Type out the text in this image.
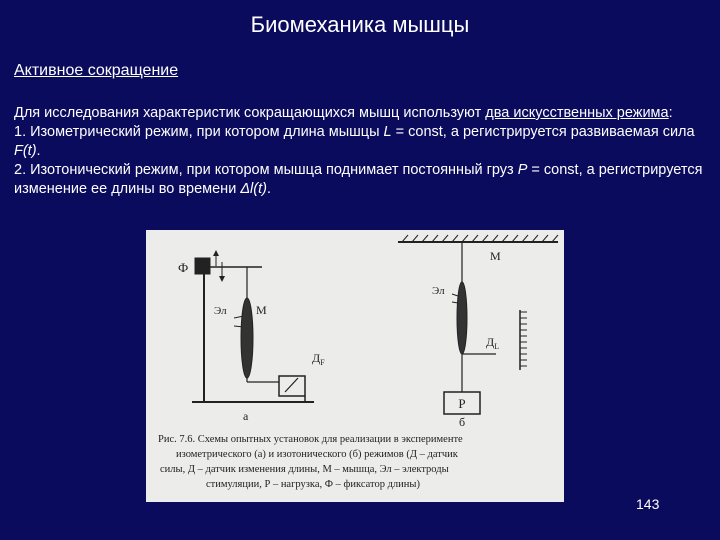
Биомеханика мышцы
Активное сокращение
Для исследования характеристик сокращающихся мышц используют два искусственных режима:
1. Изометрический режим, при котором длина мышцы L = const, а регистрируется развиваемая сила F(t).
2. Изотонический режим, при котором мышца поднимает постоянный груз P = const, а регистрируется изменение ее длины во времени Δl(t).
Ф
Эл М
$Д_F$
а
М
Эл
$Д_L$
Р
б
Рис. 7.6. Схемы опытных установок для реализации в эксперименте
изометрического (а) и изотонического (б) режимов (Д – датчик
силы, Д – датчик изменения длины, М – мышца, Эл – электроды
стимуляции, Р – нагрузка, Ф – фиксатор длины)
143
